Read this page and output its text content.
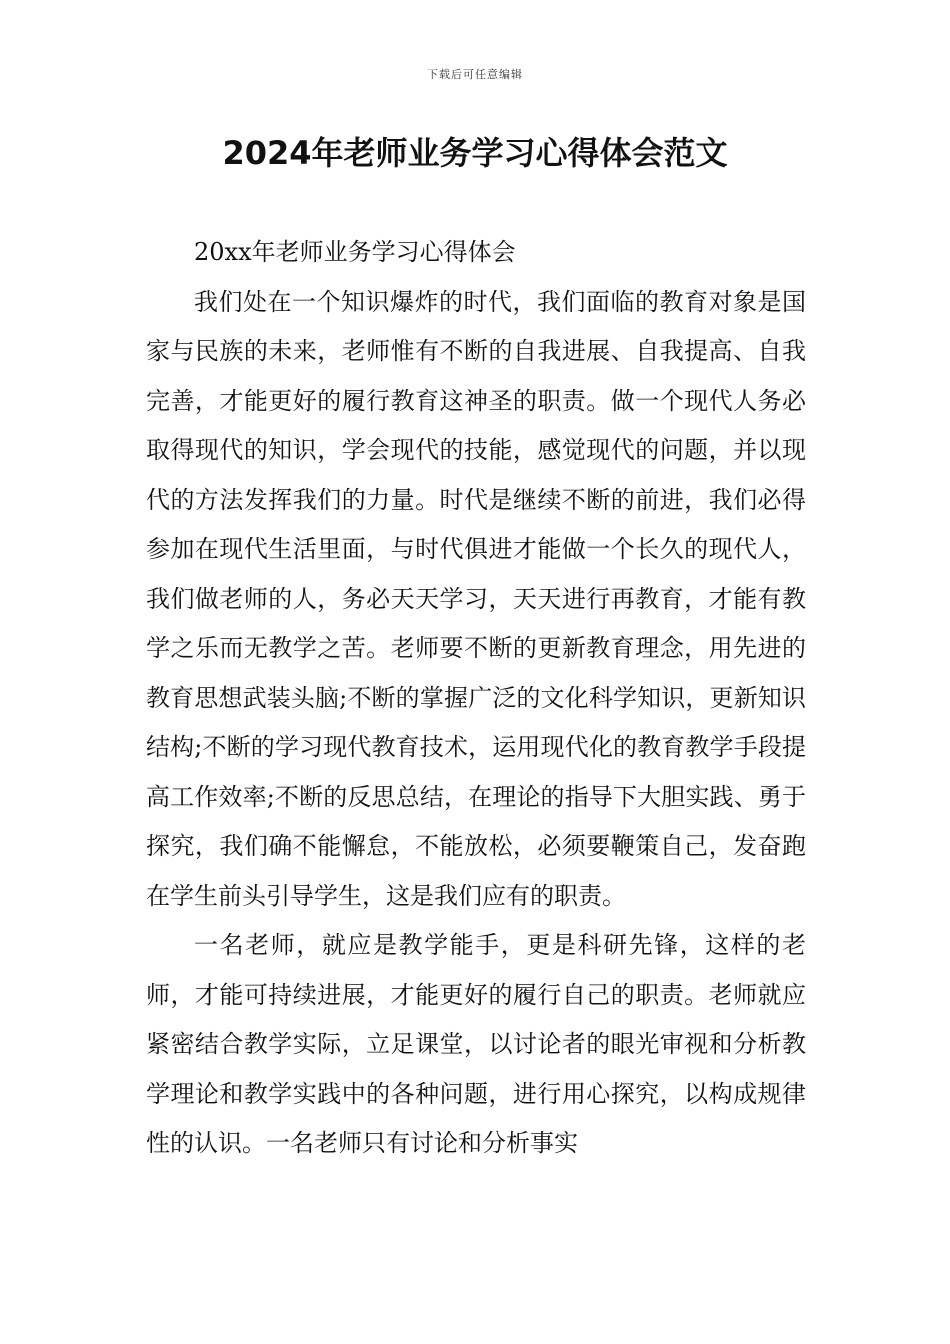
下载后可任意编辑
2024年老师业务学习心得体会范文

20xx年老师业务学习心得体会

我们处在一个知识爆炸的时代，我们面临的教育对象是国家与民族的未来，老师惟有不断的自我进展、自我提高、自我完善，才能更好的履行教育这神圣的职责。做一个现代人务必取得现代的知识，学会现代的技能，感觉现代的问题，并以现代的方法发挥我们的力量。时代是继续不断的前进，我们必得参加在现代生活里面，与时代俱进才能做一个长久的现代人，我们做老师的人，务必天天学习，天天进行再教育，才能有教学之乐而无教学之苦。老师要不断的更新教育理念，用先进的教育思想武装头脑;不断的掌握广泛的文化科学知识，更新知识结构;不断的学习现代教育技术，运用现代化的教育教学手段提高工作效率;不断的反思总结，在理论的指导下大胆实践、勇于探究，我们确不能懈怠，不能放松，必须要鞭策自己，发奋跑在学生前头引导学生，这是我们应有的职责。

一名老师，就应是教学能手，更是科研先锋，这样的老师，才能可持续进展，才能更好的履行自己的职责。老师就应紧密结合教学实际，立足课堂，以讨论者的眼光审视和分析教学理论和教学实践中的各种问题，进行用心探究，以构成规律性的认识。一名老师只有讨论和分析事实
